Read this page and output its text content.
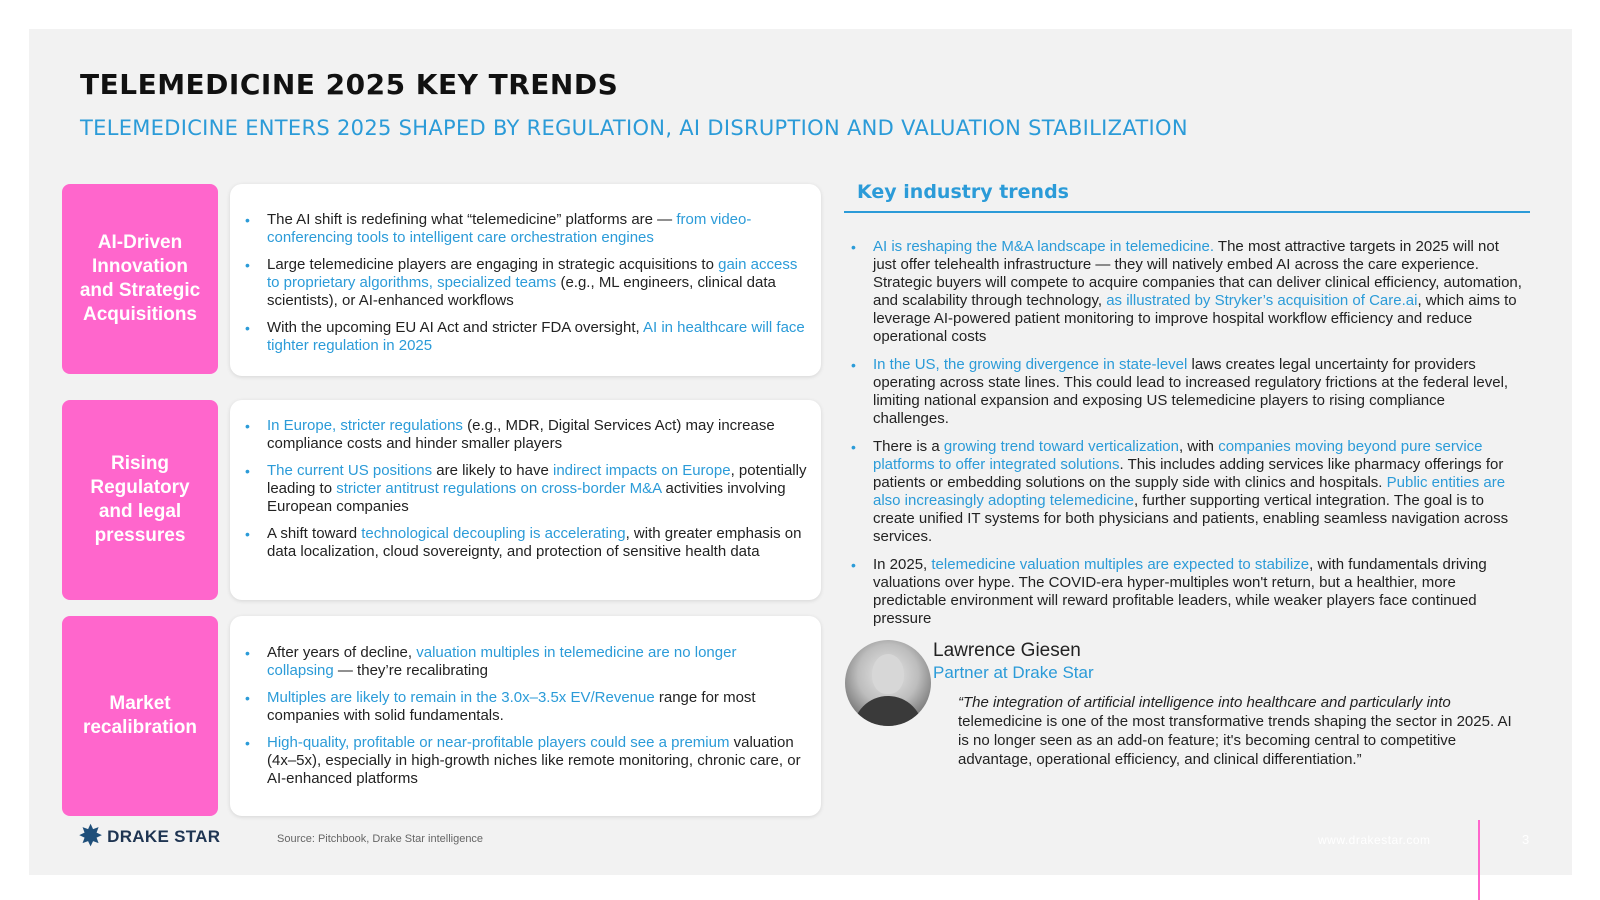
TELEMEDICINE 2025 KEY TRENDS
TELEMEDICINE ENTERS 2025 SHAPED BY REGULATION, AI DISRUPTION AND VALUATION STABILIZATION
AI-Driven Innovation and Strategic Acquisitions
• The AI shift is redefining what “telemedicine” platforms are — from video-conferencing tools to intelligent care orchestration engines
• Large telemedicine players are engaging in strategic acquisitions to gain access to proprietary algorithms, specialized teams (e.g., ML engineers, clinical data scientists), or AI-enhanced workflows
• With the upcoming EU AI Act and stricter FDA oversight, AI in healthcare will face tighter regulation in 2025
Rising Regulatory and legal pressures
• In Europe, stricter regulations (e.g., MDR, Digital Services Act) may increase compliance costs and hinder smaller players
• The current US positions are likely to have indirect impacts on Europe, potentially leading to stricter antitrust regulations on cross-border M&A activities involving European companies
• A shift toward technological decoupling is accelerating, with greater emphasis on data localization, cloud sovereignty, and protection of sensitive health data
Market recalibration
• After years of decline, valuation multiples in telemedicine are no longer collapsing — they’re recalibrating
• Multiples are likely to remain in the 3.0x–3.5x EV/Revenue range for most companies with solid fundamentals.
• High-quality, profitable or near-profitable players could see a premium valuation (4x–5x), especially in high-growth niches like remote monitoring, chronic care, or AI-enhanced platforms
Key industry trends
• AI is reshaping the M&A landscape in telemedicine. The most attractive targets in 2025 will not just offer telehealth infrastructure — they will natively embed AI across the care experience. Strategic buyers will compete to acquire companies that can deliver clinical efficiency, automation, and scalability through technology, as illustrated by Stryker’s acquisition of Care.ai, which aims to leverage AI-powered patient monitoring to improve hospital workflow efficiency and reduce operational costs
• In the US, the growing divergence in state-level laws creates legal uncertainty for providers operating across state lines. This could lead to increased regulatory frictions at the federal level, limiting national expansion and exposing US telemedicine players to rising compliance challenges.
• There is a growing trend toward verticalization, with companies moving beyond pure service platforms to offer integrated solutions. This includes adding services like pharmacy offerings for patients or embedding solutions on the supply side with clinics and hospitals. Public entities are also increasingly adopting telemedicine, further supporting vertical integration. The goal is to create unified IT systems for both physicians and patients, enabling seamless navigation across services.
• In 2025, telemedicine valuation multiples are expected to stabilize, with fundamentals driving valuations over hype. The COVID-era hyper-multiples won't return, but a healthier, more predictable environment will reward profitable leaders, while weaker players face continued pressure
Lawrence Giesen
Partner at Drake Star
“The integration of artificial intelligence into healthcare and particularly into telemedicine is one of the most transformative trends shaping the sector in 2025. AI is no longer seen as an add-on feature; it's becoming central to competitive advantage, operational efficiency, and clinical differentiation.”
✸ DRAKE STAR	Source: Pitchbook, Drake Star intelligence	www.drakestar.com	3
